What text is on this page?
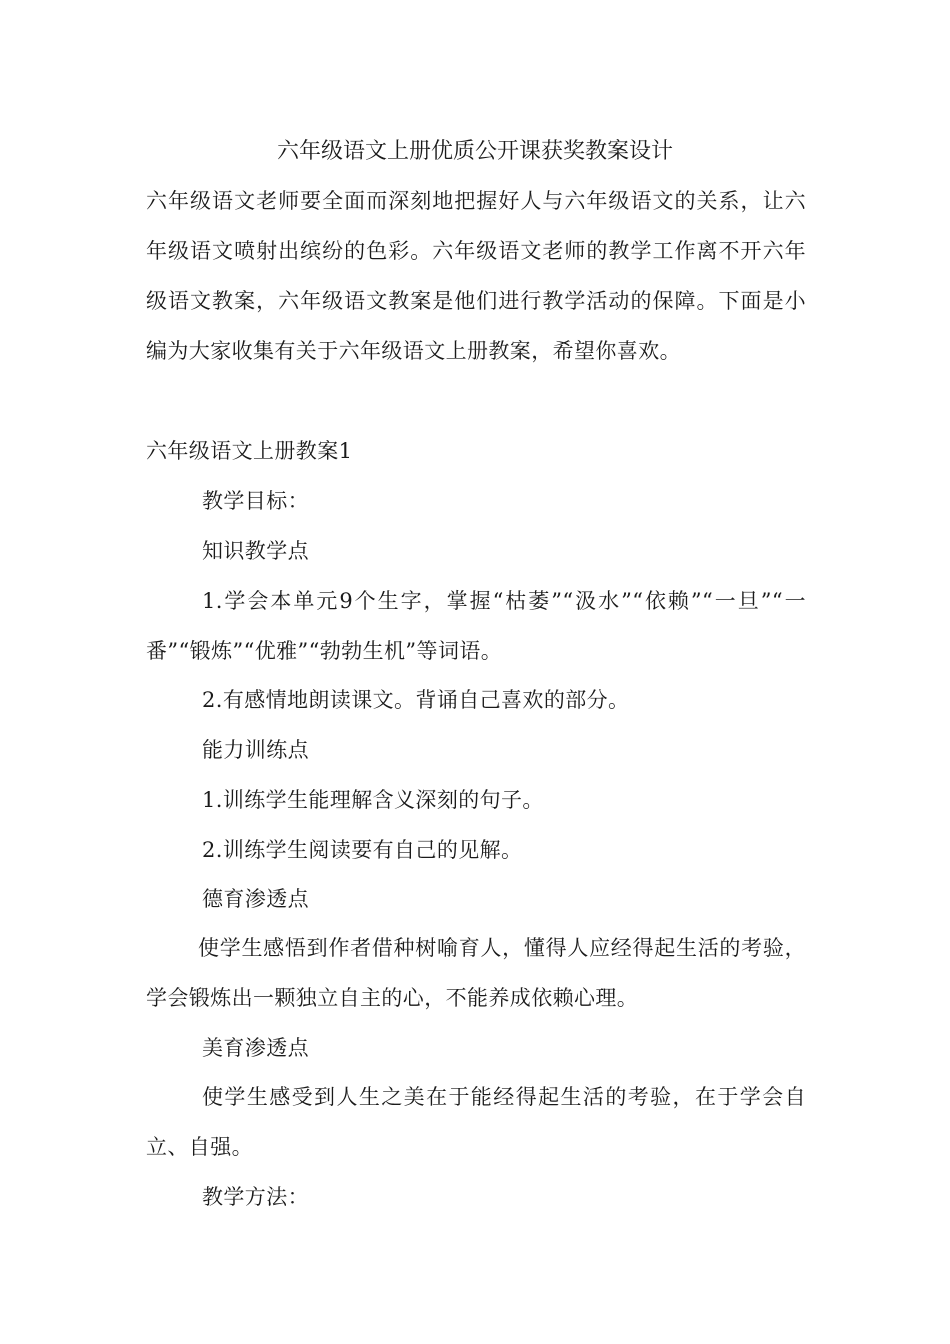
六年级语文上册优质公开课获奖教案设计

六年级语文老师要全面而深刻地把握好人与六年级语文的关系，让六年级语文喷射出缤纷的色彩。六年级语文老师的教学工作离不开六年级语文教案，六年级语文教案是他们进行教学活动的保障。下面是小编为大家收集有关于六年级语文上册教案，希望你喜欢。

六年级语文上册教案1
教学目标：
知识教学点

1.学会本单元9个生字，掌握“枯萎”“汲水”“依赖”“一旦”“一番”“锻炼”“优雅”“勃勃生机”等词语。

2.有感情地朗读课文。背诵自己喜欢的部分。
能力训练点
1.训练学生能理解含义深刻的句子。
2.训练学生阅读要有自己的见解。
德育渗透点

使学生感悟到作者借种树喻育人，懂得人应经得起生活的考验，学会锻炼出一颗独立自主的心，不能养成依赖心理。

美育渗透点

使学生感受到人生之美在于能经得起生活的考验，在于学会自立、自强。

教学方法：
